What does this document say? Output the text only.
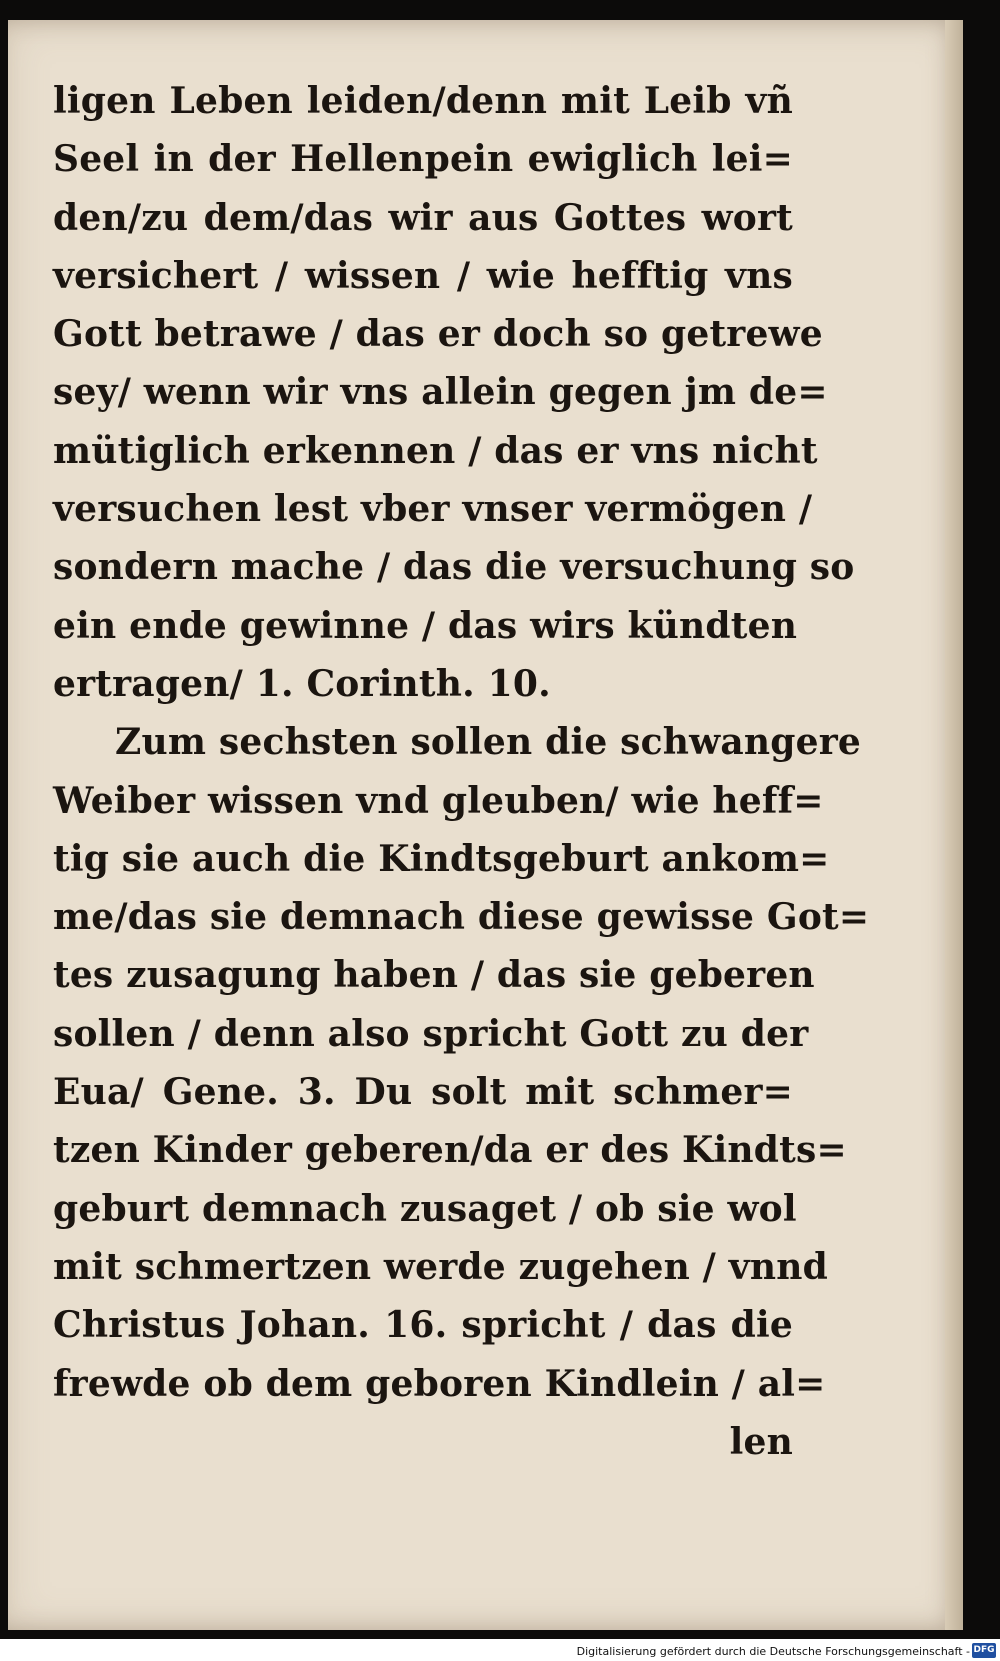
ligen Leben leiden/denn mit Leib vñ
Seel in der Hellenpein ewiglich lei=
den/zu dem/das wir aus Gottes wort
versichert / wissen / wie hefftig vns
Gott betrawe / das er doch so getrewe
sey/ wenn wir vns allein gegen jm de=
mütiglich erkennen / das er vns nicht
versuchen lest vber vnser vermögen /
sondern mache / das die versuchung so
ein ende gewinne / das wirs kündten
ertragen/ 1. Corinth. 10.
Zum sechsten sollen die schwangere
Weiber wissen vnd gleuben/ wie heff=
tig sie auch die Kindtsgeburt ankom=
me/das sie demnach diese gewisse Got=
tes zusagung haben / das sie geberen
sollen / denn also spricht Gott zu der
Eua/ Gene. 3. Du solt mit schmer=
tzen Kinder geberen/da er des Kindts=
geburt demnach zusaget / ob sie wol
mit schmertzen werde zugehen / vnnd
Christus Johan. 16. spricht / das die
frewde ob dem geboren Kindlein / al=
len
Digitalisierung gefördert durch die Deutsche Forschungsgemeinschaft - DFG
